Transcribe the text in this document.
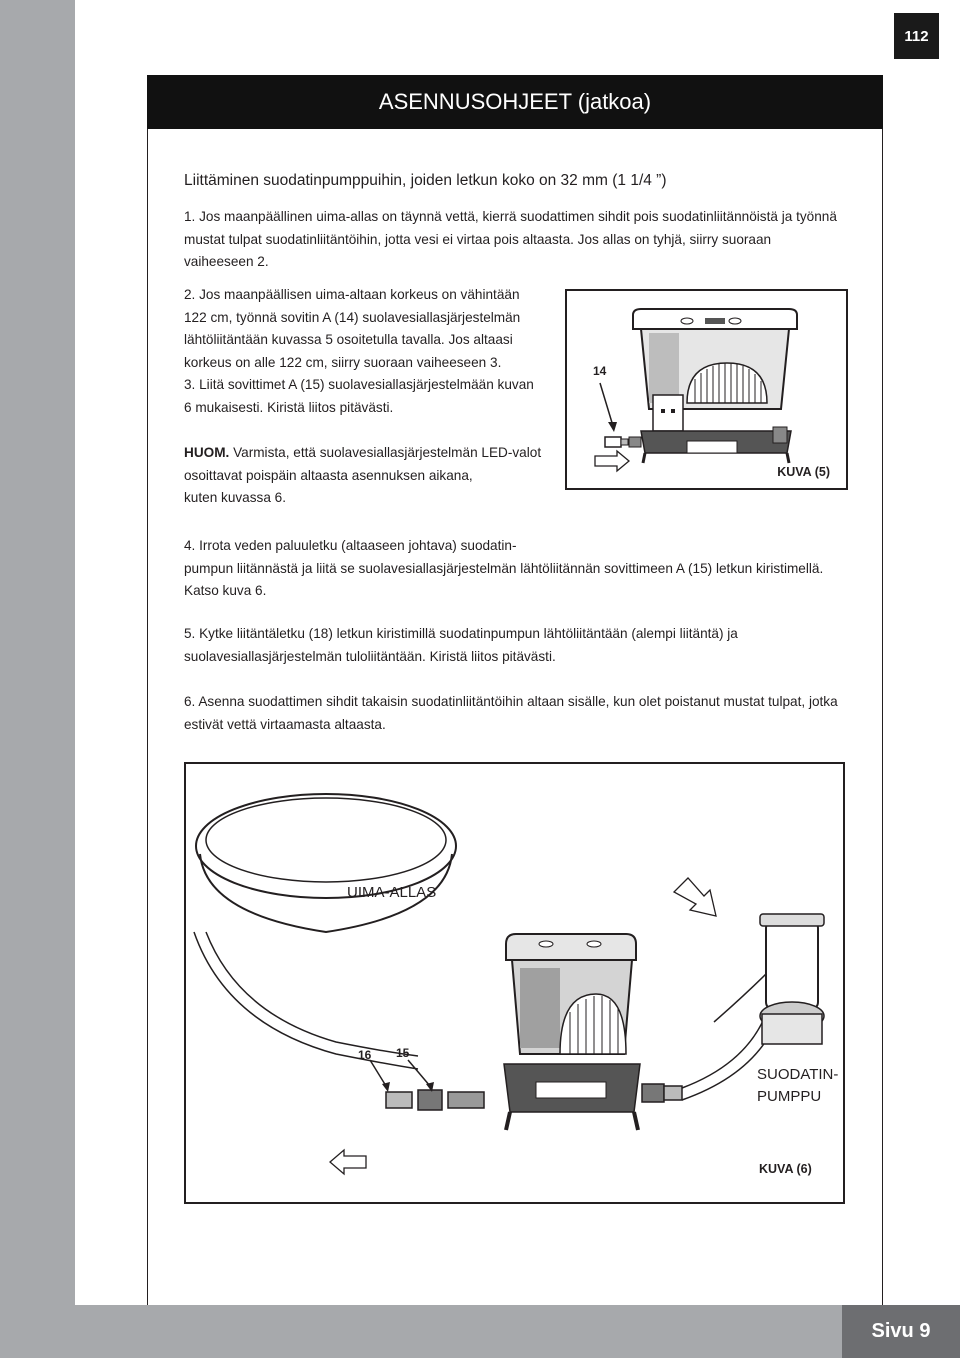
112
Sivu 9
ASENNUSOHJEET (jatkoa)
Liittäminen suodatinpumppuihin, joiden letkun koko on 32 mm (1 1/4 ”)
1. Jos maanpäällinen uima-allas on täynnä vettä, kierrä suodattimen sihdit pois suodatinliitännöistä ja työnnä mustat tulpat suodatinliitäntöihin, jotta vesi ei virtaa pois altaasta. Jos allas on tyhjä, siirry suoraan vaiheeseen 2.
2. Jos maanpäällisen uima-altaan korkeus on vähintään
122 cm, työnnä sovitin A (14) suolavesiallasjärjestelmän
lähtöliitäntään kuvassa 5 osoitetulla tavalla. Jos altaasi
korkeus on alle 122 cm, siirry suoraan vaiheeseen 3.
3. Liitä sovittimet A (15) suolavesiallasjärjestelmään kuvan
6 mukaisesti. Kiristä liitos pitävästi.
HUOM. Varmista, että suolavesiallasjärjestelmän LED-valot
osoittavat poispäin altaasta asennuksen aikana,
kuten kuvassa 6.
4. Irrota veden paluuletku (altaaseen johtava) suodatin-
pumpun liitännästä ja liitä se suolavesiallasjärjestelmän lähtöliitännän sovittimeen A (15) letkun kiristimellä.
Katso kuva 6.
5. Kytke liitäntäletku (18) letkun kiristimillä suodatinpumpun lähtöliitäntään (alempi liitäntä) ja
suolavesiallasjärjestelmän tuloliitäntään. Kiristä liitos pitävästi.
6. Asenna suodattimen sihdit takaisin suodatinliitäntöihin altaan sisälle, kun olet poistanut mustat tulpat, jotka
estivät vettä virtaamasta altaasta.
14
KUVA (5)
UIMA-ALLAS
16 15
KUVA (6)
SUODATIN-
PUMPPU
